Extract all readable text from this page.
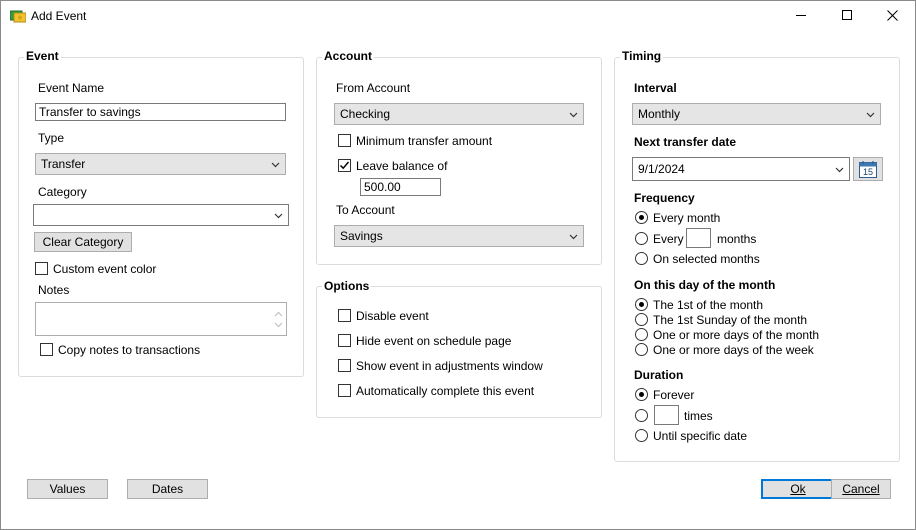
Add Event
Event
Event Name
Transfer to savings
Type
Transfer
Category
Clear Category
Custom event color
Notes
Copy notes to transactions
Account
From Account
Checking
Minimum transfer amount
Leave balance of
500.00
To Account
Savings
Options
Disable event
Hide event on schedule page
Show event in adjustments window
Automatically complete this event
Timing
Interval
Monthly
Next transfer date
9/1/2024	15
Frequency
Every month
Every	months
On selected months
On this day of the month
The 1st of the month
The 1st Sunday of the month
One or more days of the month
One or more days of the week
Duration
Forever
times
Until specific date
Values	Dates	Ok	Cancel
